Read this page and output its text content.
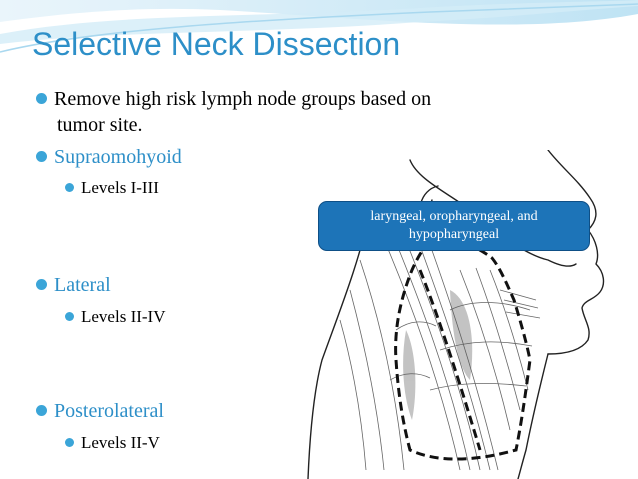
Selective Neck Dissection
Remove high risk lymph node groups based on
tumor site.
Supraomohyoid
Levels I-III
Lateral
Levels II-IV
Posterolateral
Levels II-V
laryngeal, oropharyngeal, and
hypopharyngeal
